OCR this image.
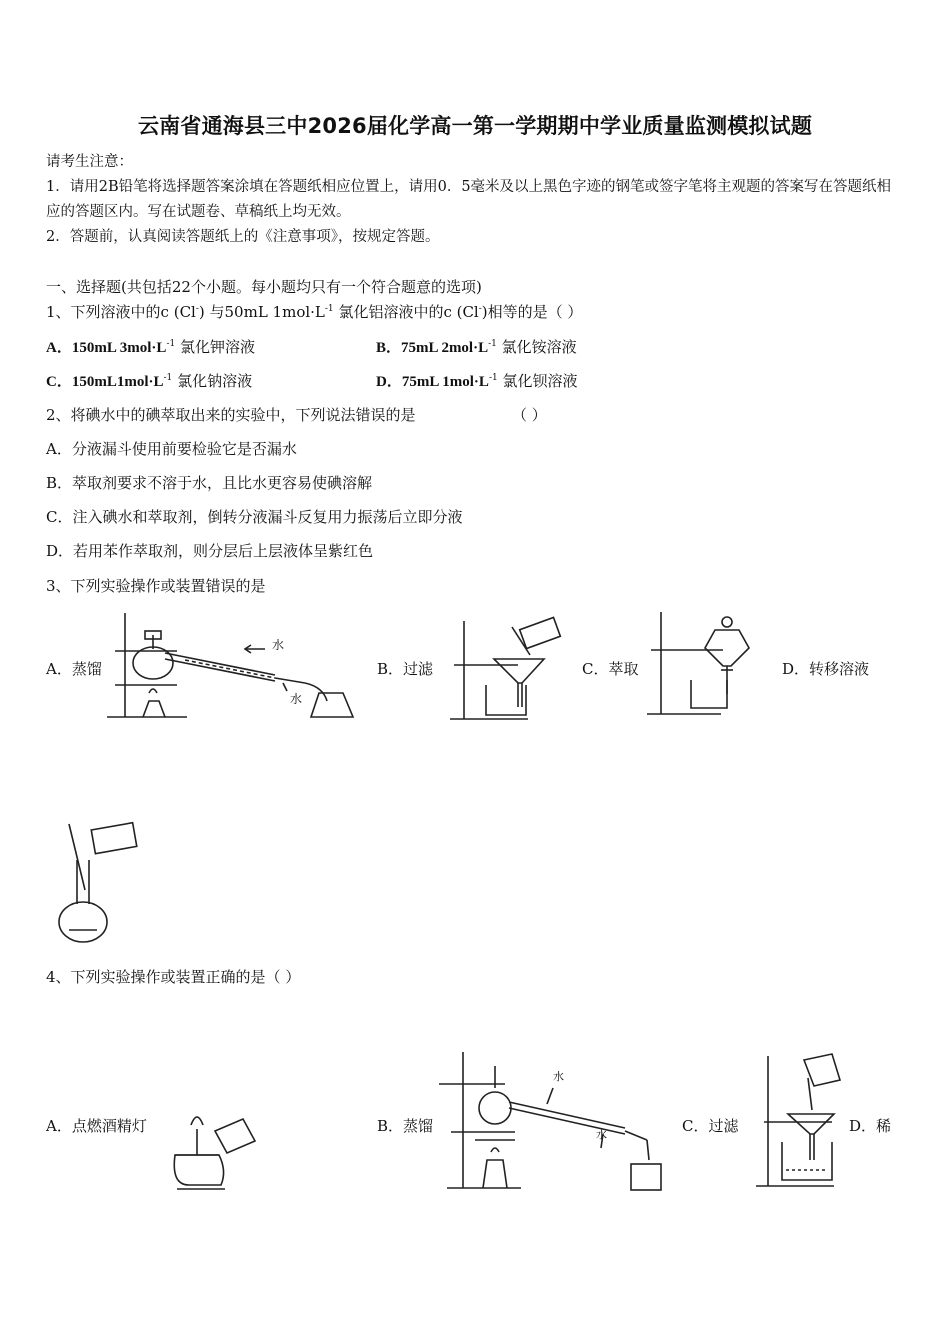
云南省通海县三中2026届化学高一第一学期期中学业质量监测模拟试题
请考生注意：
1．请用2B铅笔将选择题答案涂填在答题纸相应位置上，请用0．5毫米及以上黑色字迹的钢笔或签字笔将主观题的答案写在答题纸相应的答题区内。写在试题卷、草稿纸上均无效。
2．答题前，认真阅读答题纸上的《注意事项》，按规定答题。
一、选择题(共包括22个小题。每小题均只有一个符合题意的选项)
1、下列溶液中的c (Cl-) 与50mL $1mol\cdot L^{-1}$ 氯化铝溶液中的c (Cl-)相等的是（ ）
A．150mL $3mol\cdot L^{-1}$ 氯化钾溶液	B．75mL $2mol\cdot L^{-1}$ 氯化铵溶液
C．$150mL1mol\cdot L^{-1}$ 氯化钠溶液	D．75mL $1mol\cdot L^{-1}$ 氯化钡溶液
2、将碘水中的碘萃取出来的实验中，下列说法错误的是	（ ）
A．分液漏斗使用前要检验它是否漏水
B．萃取剂要求不溶于水，且比水更容易使碘溶解
C．注入碘水和萃取剂，倒转分液漏斗反复用力振荡后立即分液
D．若用苯作萃取剂，则分层后上层液体呈紫红色
3、下列实验操作或装置错误的是
A．蒸馏	B．过滤	C．萃取	D．转移溶液
水
水
4、下列实验操作或装置正确的是（ ）
A．点燃酒精灯	B．蒸馏	C．过滤	D．稀
水
水
